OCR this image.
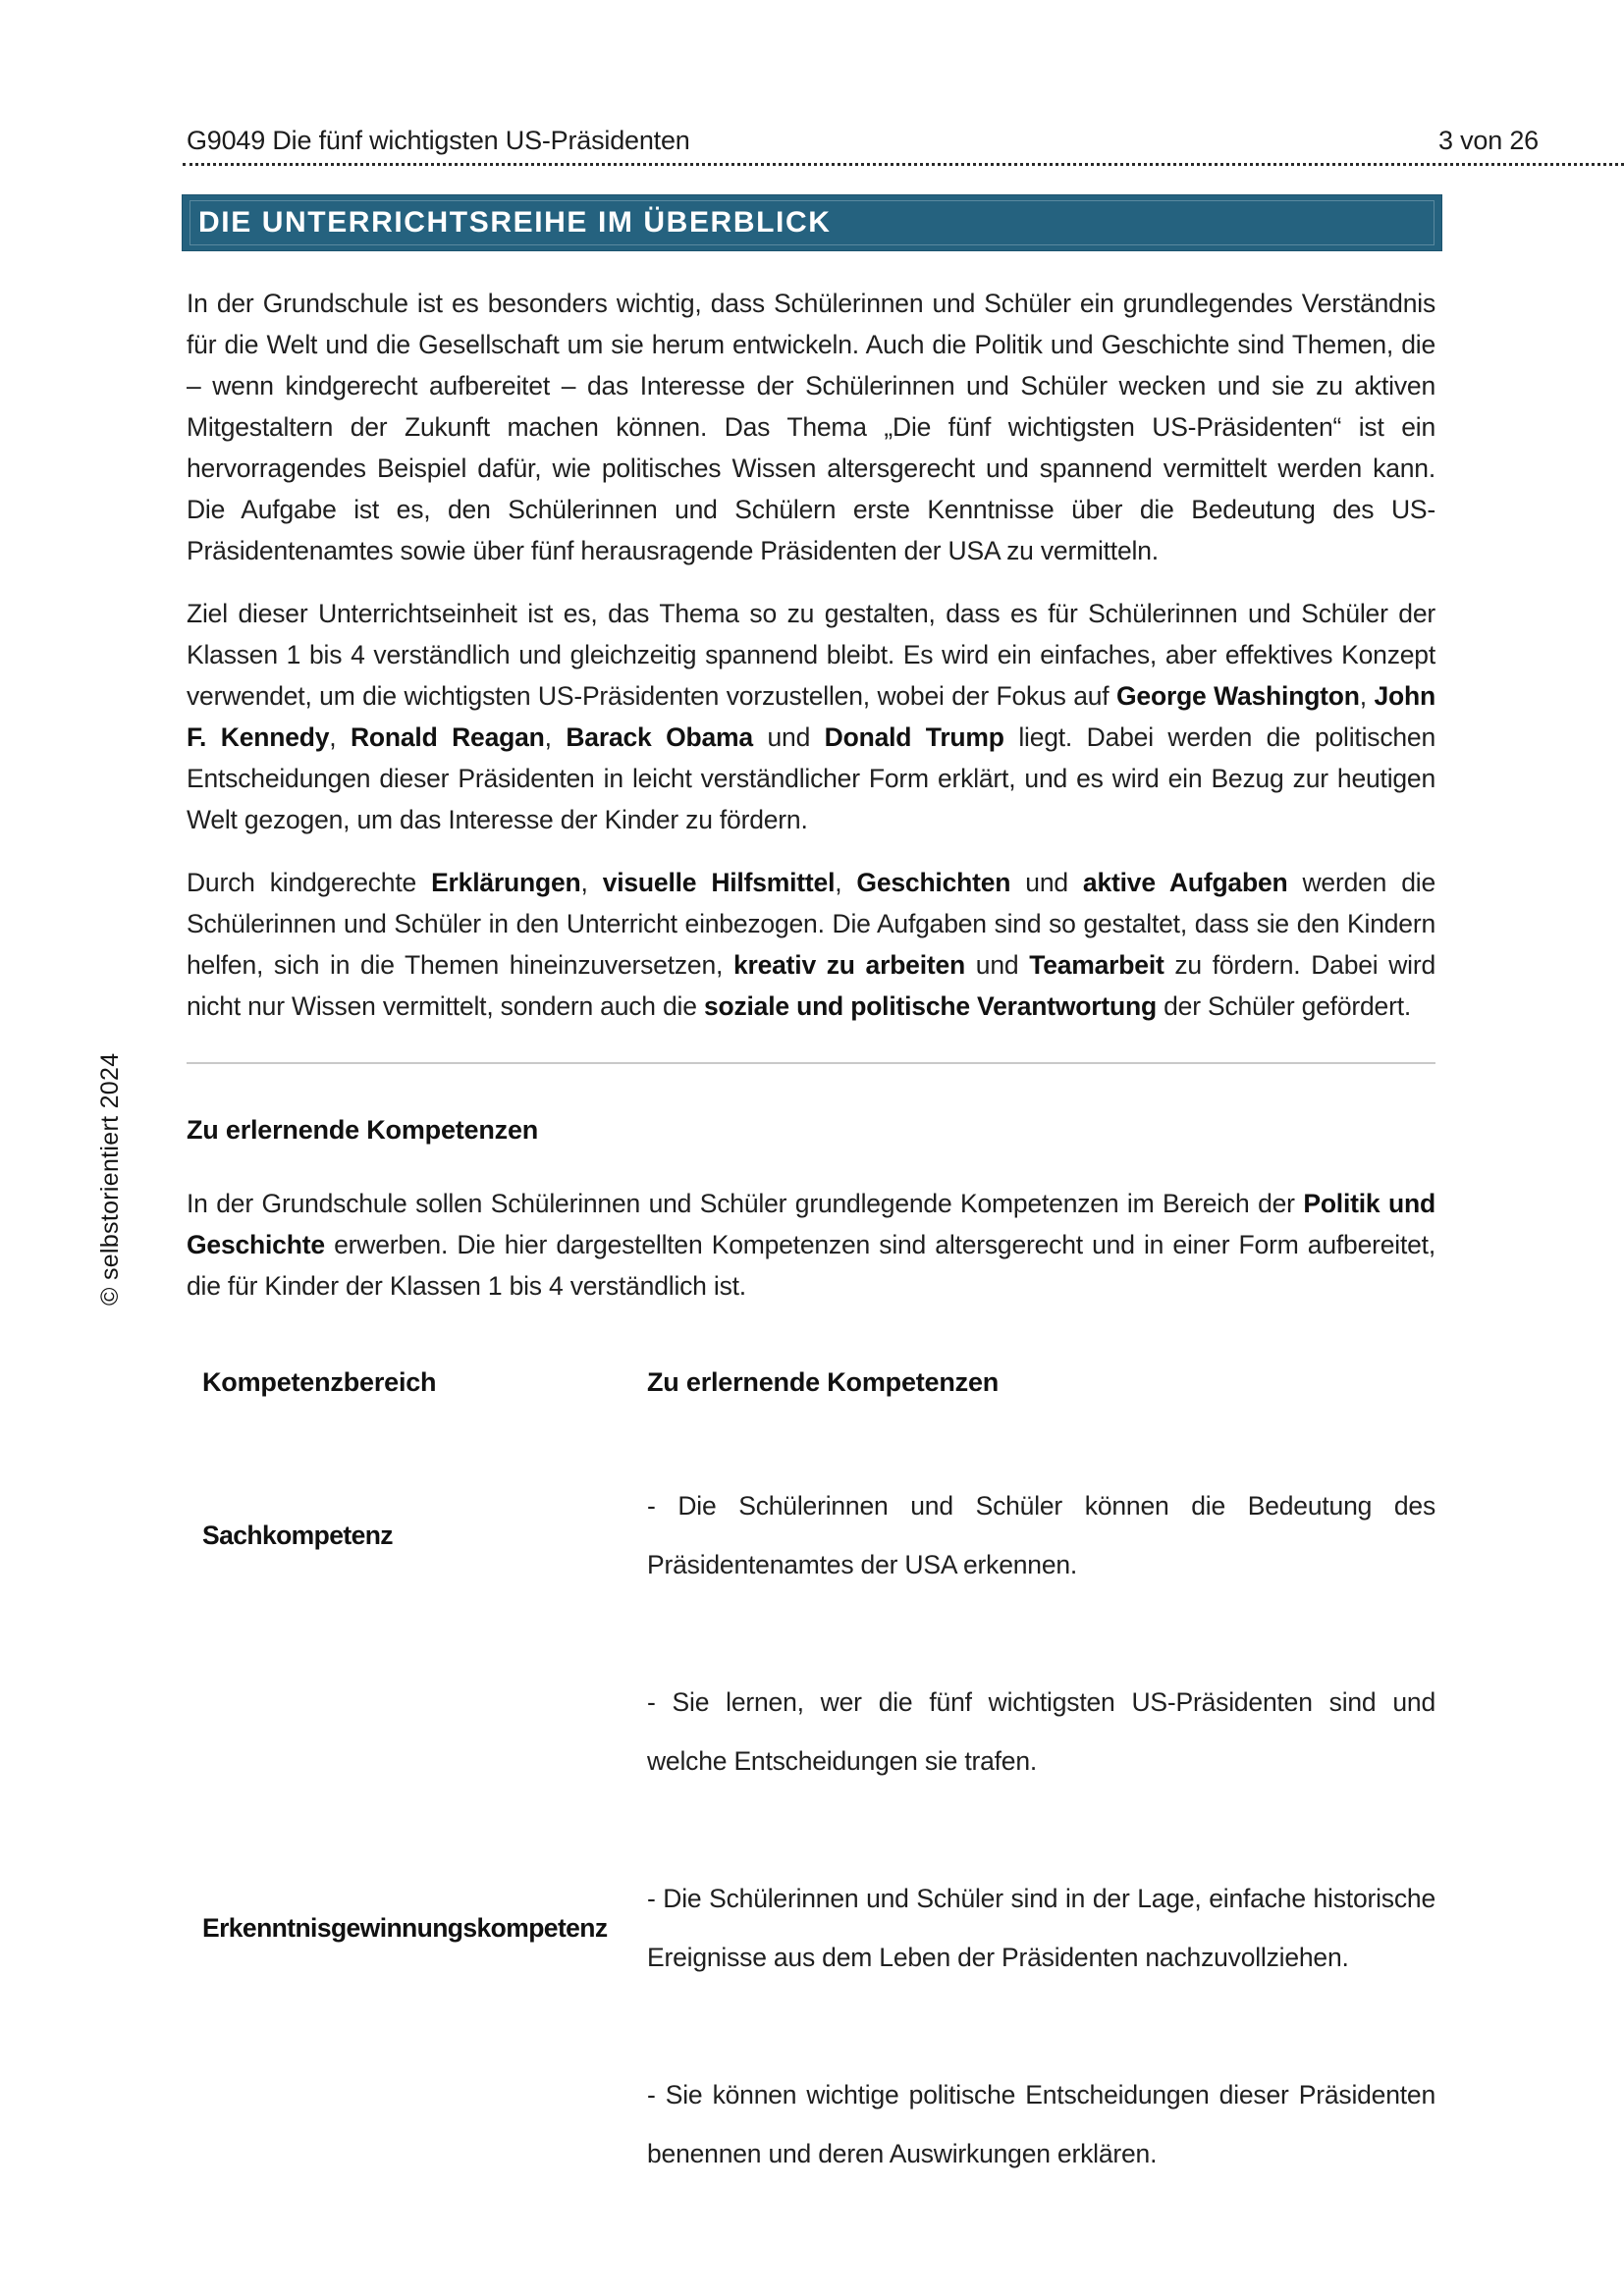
G9049 Die fünf wichtigsten US-Präsidenten	3 von 26
DIE UNTERRICHTSREIHE IM ÜBERBLICK
© selbstorientiert 2024

In der Grundschule ist es besonders wichtig, dass Schülerinnen und Schüler ein grundlegendes Verständnis für die Welt und die Gesellschaft um sie herum entwickeln. Auch die Politik und Geschichte sind Themen, die – wenn kindgerecht aufbereitet – das Interesse der Schülerinnen und Schüler wecken und sie zu aktiven Mitgestaltern der Zukunft machen können. Das Thema „Die fünf wichtigsten US-Präsidenten“ ist ein hervorragendes Beispiel dafür, wie politisches Wissen altersgerecht und spannend vermittelt werden kann. Die Aufgabe ist es, den Schülerinnen und Schülern erste Kenntnisse über die Bedeutung des US-Präsidentenamtes sowie über fünf herausragende Präsidenten der USA zu vermitteln.

Ziel dieser Unterrichtseinheit ist es, das Thema so zu gestalten, dass es für Schülerinnen und Schüler der Klassen 1 bis 4 verständlich und gleichzeitig spannend bleibt. Es wird ein einfaches, aber effektives Konzept verwendet, um die wichtigsten US-Präsidenten vorzustellen, wobei der Fokus auf George Washington, John F. Kennedy, Ronald Reagan, Barack Obama und Donald Trump liegt. Dabei werden die politischen Entscheidungen dieser Präsidenten in leicht verständlicher Form erklärt, und es wird ein Bezug zur heutigen Welt gezogen, um das Interesse der Kinder zu fördern.

Durch kindgerechte Erklärungen, visuelle Hilfsmittel, Geschichten und aktive Aufgaben werden die Schülerinnen und Schüler in den Unterricht einbezogen. Die Aufgaben sind so gestaltet, dass sie den Kindern helfen, sich in die Themen hineinzuversetzen, kreativ zu arbeiten und Teamarbeit zu fördern. Dabei wird nicht nur Wissen vermittelt, sondern auch die soziale und politische Verantwortung der Schüler gefördert.

Zu erlernende Kompetenzen

In der Grundschule sollen Schülerinnen und Schüler grundlegende Kompetenzen im Bereich der Politik und Geschichte erwerben. Die hier dargestellten Kompetenzen sind altersgerecht und in einer Form aufbereitet, die für Kinder der Klassen 1 bis 4 verständlich ist.

Kompetenzbereich	Zu erlernende Kompetenzen
Sachkompetenz
- Die Schülerinnen und Schüler können die Bedeutung des Präsidentenamtes der USA erkennen.
- Sie lernen, wer die fünf wichtigsten US-Präsidenten sind und welche Entscheidungen sie trafen.
Erkenntnisgewinnungskompetenz
- Die Schülerinnen und Schüler sind in der Lage, einfache historische Ereignisse aus dem Leben der Präsidenten nachzuvollziehen.
- Sie können wichtige politische Entscheidungen dieser Präsidenten benennen und deren Auswirkungen erklären.
